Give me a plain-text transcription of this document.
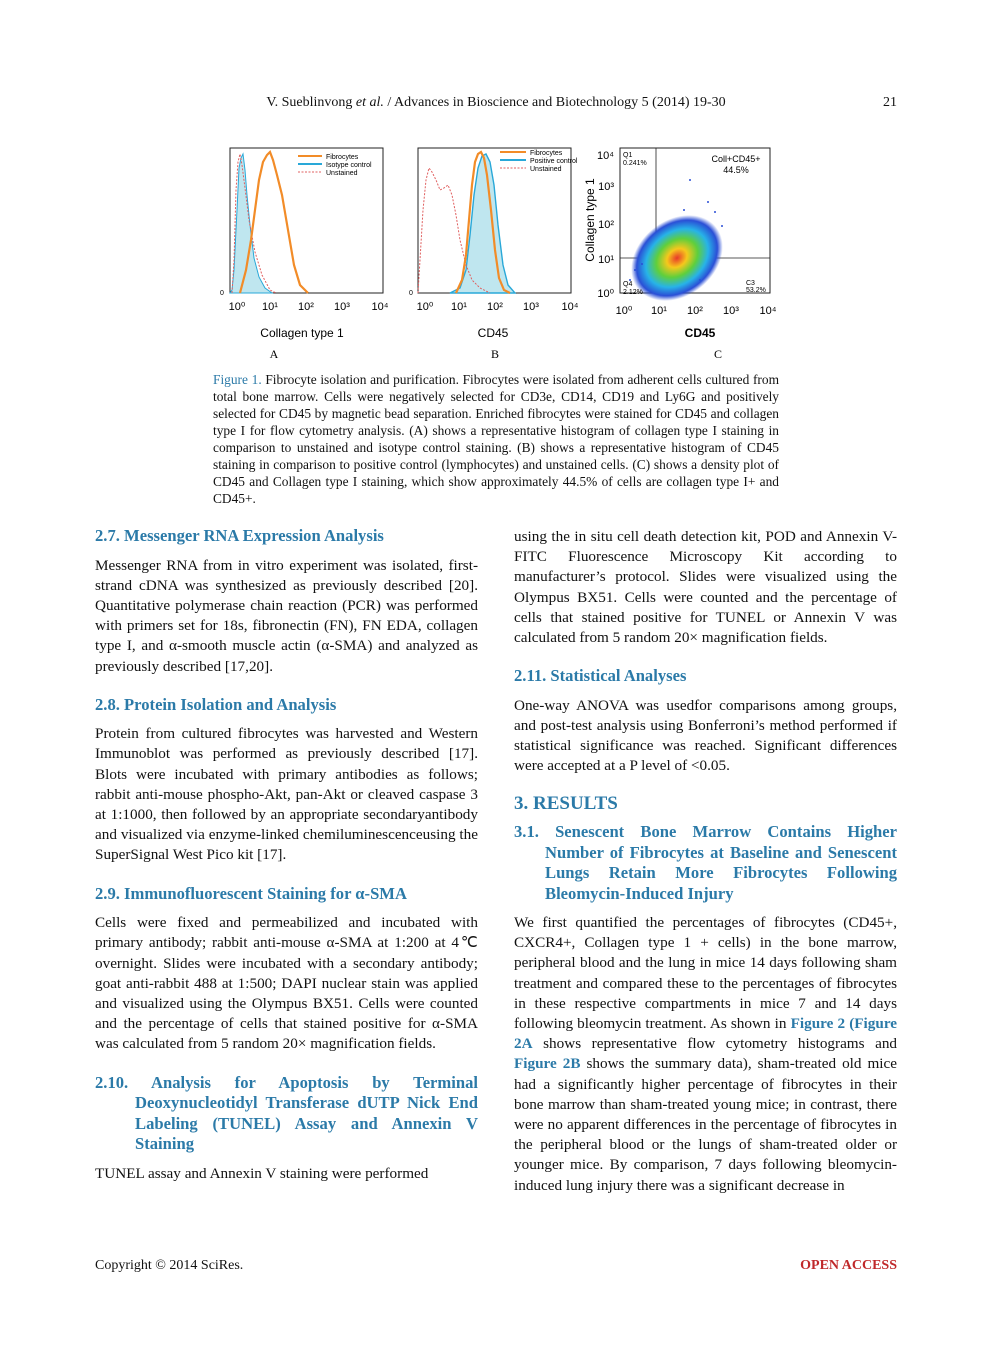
V. Sueblinvong et al. / Advances in Bioscience and Biotechnology 5 (2014) 19-30	21
Fibrocytes
Isotype control
Unstained
0
10⁰ 10¹ 10² 10³ 10⁴
Collagen type 1
A
Fibrocytes
Positive control
Unstained
0
10⁰ 10¹ 10² 10³ 10⁴
CD45
B
Q1
0.241%	Coll+CD45+
44.5%
C3
53.2%
Q4
2.12%
10⁴
10³
10²
10¹
10⁰
Collagen type 1
10⁰ 10¹ 10² 10³ 10⁴
CD45
C
Figure 1. Fibrocyte isolation and purification. Fibrocytes were isolated from adherent cells cultured from total bone marrow. Cells were negatively selected for CD3e, CD14, CD19 and Ly6G and positively selected for CD45 by magnetic bead separation. Enriched fibrocytes were stained for CD45 and collagen type I for flow cytometry analysis. (A) shows a representative histogram of collagen type I staining in comparison to unstained and isotype control staining. (B) shows a representative histogram of CD45 staining in comparison to positive control (lymphocytes) and unstained cells. (C) shows a density plot of CD45 and Collagen type I staining, which show approximately 44.5% of cells are collagen type I+ and CD45+.
2.7. Messenger RNA Expression Analysis

Messenger RNA from in vitro experiment was isolated, first-strand cDNA was synthesized as previously described [20]. Quantitative polymerase chain reaction (PCR) was performed with primers set for 18s, fibronectin (FN), FN EDA, collagen type I, and α-smooth muscle actin (α-SMA) and analyzed as previously described [17,20].

2.8. Protein Isolation and Analysis

Protein from cultured fibrocytes was harvested and Western Immunoblot was performed as previously described [17]. Blots were incubated with primary antibodies as follows; rabbit anti-mouse phospho-Akt, pan-Akt or cleaved caspase 3 at 1:1000, then followed by an appropriate secondaryantibody and visualized via enzyme-linked chemiluminescenceusing the SuperSignal West Pico kit [17].

2.9. Immunofluorescent Staining for α-SMA

Cells were fixed and permeabilized and incubated with primary antibody; rabbit anti-mouse α-SMA at 1:200 at 4℃ overnight. Slides were incubated with a secondary antibody; goat anti-rabbit 488 at 1:500; DAPI nuclear stain was applied and visualized using the Olympus BX51. Cells were counted and the percentage of cells that stained positive for α-SMA was calculated from 5 random 20× magnification fields.

2.10. Analysis for Apoptosis by Terminal Deoxynucleotidyl Transferase dUTP Nick End Labeling (TUNEL) Assay and Annexin V Staining

TUNEL assay and Annexin V staining were performed

using the in situ cell death detection kit, POD and Annexin V-FITC Fluorescence Microscopy Kit according to manufacturer’s protocol. Slides were visualized using the Olympus BX51. Cells were counted and the percentage of cells that stained positive for TUNEL or Annexin V was calculated from 5 random 20× magnification fields.

2.11. Statistical Analyses

One-way ANOVA was usedfor comparisons among groups, and post-test analysis using Bonferroni’s method performed if statistical significance was reached. Significant differences were accepted at a P level of <0.05.

3. RESULTS
3.1. Senescent Bone Marrow Contains Higher Number of Fibrocytes at Baseline and Senescent Lungs Retain More Fibrocytes Following Bleomycin-Induced Injury

We first quantified the percentages of fibrocytes (CD45+, CXCR4+, Collagen type 1 + cells) in the bone marrow, peripheral blood and the lung in mice 14 days following sham treatment and compared these to the percentages of fibrocytes in these respective compartments in mice 7 and 14 days following bleomycin treatment. As shown in Figure 2 (Figure 2A shows representative flow cytometry histograms and Figure 2B shows the summary data), sham-treated old mice had a significantly higher percentage of fibrocytes in their bone marrow than sham-treated young mice; in contrast, there were no apparent differences in the percentage of fibrocytes in the peripheral blood or the lungs of sham-treated older or younger mice. By comparison, 7 days following bleomycin-induced lung injury there was a significant decrease in

Copyright © 2014 SciRes.	OPEN ACCESS
